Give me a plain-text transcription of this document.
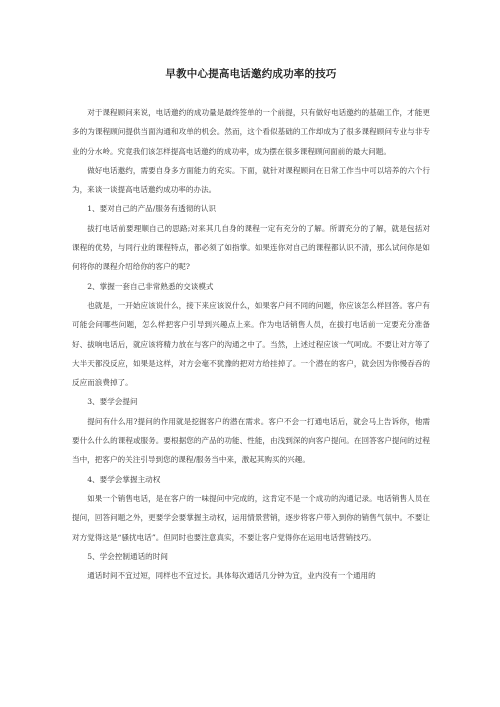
早教中心提高电话邀约成功率的技巧

对于课程顾问来说，电话邀约的成功量是最终签单的一个前提，只有做好电话邀约的基础工作，才能更多的为课程顾问提供当面沟通和攻单的机会。然而，这个看似基础的工作却成为了很多课程顾问专业与非专业的分水岭。究竟我们该怎样提高电话邀约的成功率，成为摆在很多课程顾问面前的最大问题。

做好电话邀约，需要自身多方面能力的充实。下面，就针对课程顾问在日常工作当中可以培养的六个行为，来谈一谈提高电话邀约成功率的办法。

1、要对自己的产品/服务有透彻的认识

拔打电话前要理顺自己的思路;对来其几自身的课程一定有充分的了解。所谓充分的了解，就是包括对课程的优势，与同行业的课程特点，都必须了如指掌。如果连你对自己的课程都认识不清，那么试问你是如何将你的课程介绍给你的客户的呢?

2、掌握一套自己非常熟悉的交谈模式

也就是，一开始应该说什么，接下来应该说什么，如果客户问不同的问题，你应该怎么样回答。客户有可能会问哪些问题，怎么样把客户引导到兴趣点上来。作为电话销售人员，在拔打电话前一定要充分准备好、拔响电话后，就应该将精力放在与客户的沟通之中了。当然，上述过程应该一气呵成。不要让对方等了大半天都没反应，如果是这样，对方会毫不犹豫的把对方给挂掉了。一个潜在的客户，就会因为你慢吞吞的反应而浪费掉了。

3、要学会提问

提问有什么用?提问的作用就是挖掘客户的潜在需求。客户不会一打通电话后，就会马上告诉你，他需要什么什么的课程或服务。要根据您的产品的功能、性能，由浅到深的向客户提问。在回答客户提问的过程当中，把客户的关注引导到您的课程/服务当中来，激起其购买的兴趣。

4、要学会掌握主动权

如果一个销售电话，是在客户的一味提问中完成的，这肯定不是一个成功的沟通记录。电话销售人员在提问，回答问题之外，更要学会要掌握主动权，运用情景营销，逐步将客户带入到你的销售气氛中。不要让对方觉得这是“骚扰电话”。但同时也要注意真实，不要让客户觉得你在运用电话营销技巧。

5、学会控制通话的时间

通话时间不宜过短，同样也不宜过长。具体每次通话几分钟为宜，业内没有一个通用的
